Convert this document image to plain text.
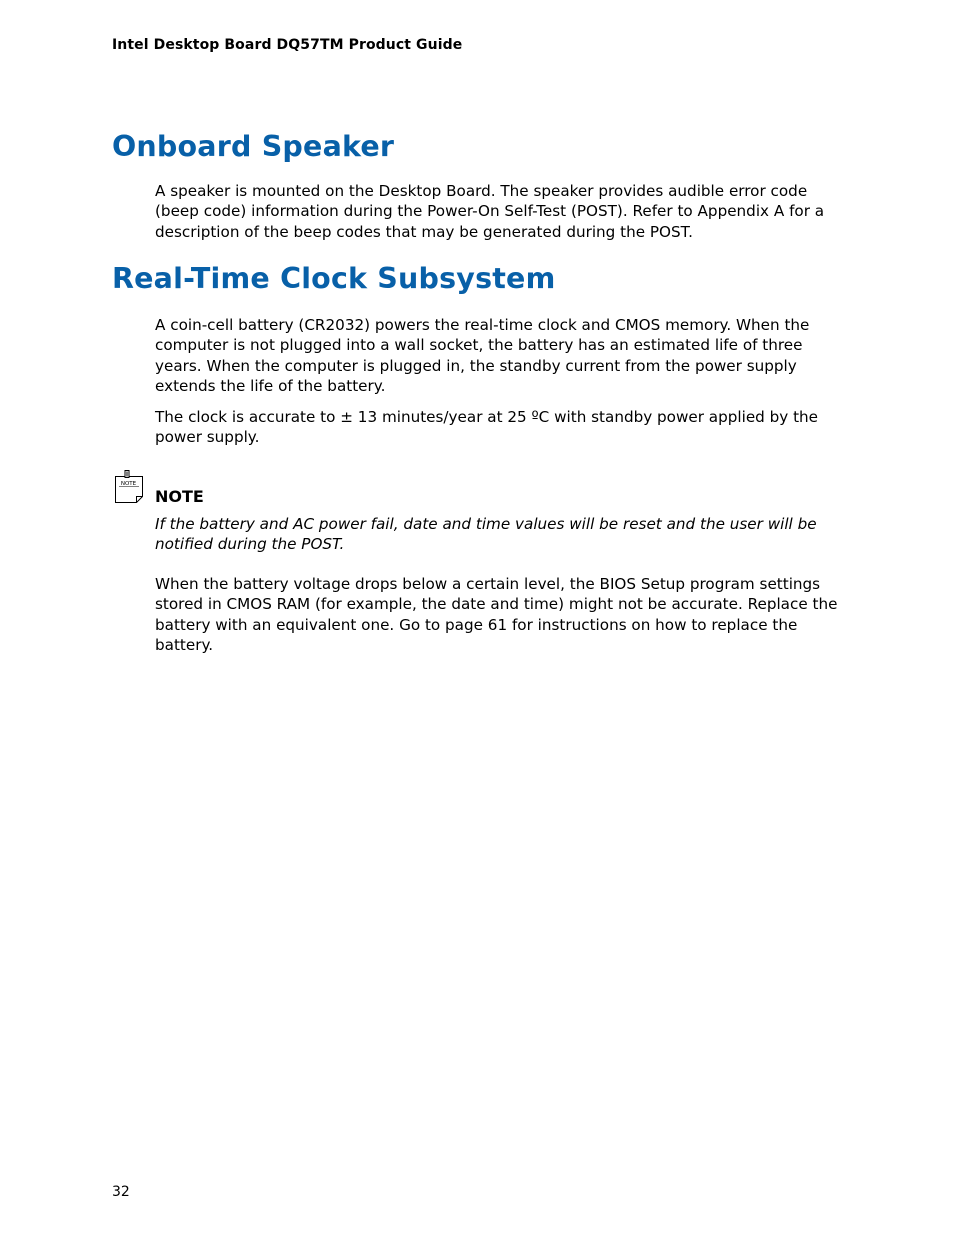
Intel Desktop Board DQ57TM Product Guide
Onboard Speaker

A speaker is mounted on the Desktop Board. The speaker provides audible error code (beep code) information during the Power-On Self-Test (POST). Refer to Appendix A for a description of the beep codes that may be generated during the POST.

Real-Time Clock Subsystem

A coin-cell battery (CR2032) powers the real-time clock and CMOS memory. When the computer is not plugged into a wall socket, the battery has an estimated life of three years. When the computer is plugged in, the standby current from the power supply extends the life of the battery.

The clock is accurate to ± 13 minutes/year at 25 ºC with standby power applied by the power supply.

NOTE
NOTE

If the battery and AC power fail, date and time values will be reset and the user will be notified during the POST.

When the battery voltage drops below a certain level, the BIOS Setup program settings stored in CMOS RAM (for example, the date and time) might not be accurate. Replace the battery with an equivalent one. Go to page 61 for instructions on how to replace the battery.

32
